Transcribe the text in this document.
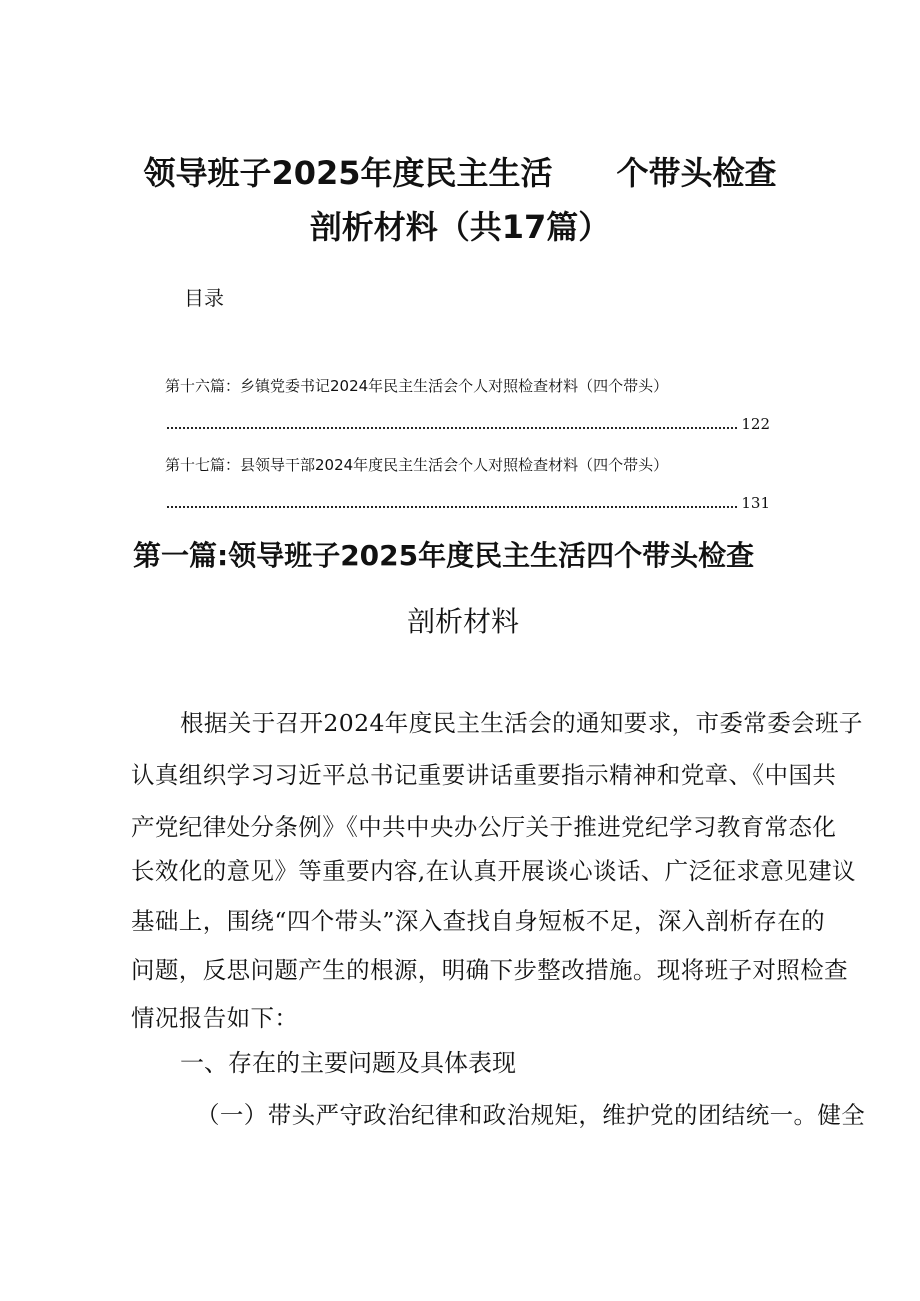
领导班子2025年度民主生活 个带头检查
剖析材料（共17篇）
目录
第十六篇：乡镇党委书记2024年民主生活会个人对照检查材料（四个带头）
122
第十七篇：县领导干部2024年度民主生活会个人对照检查材料（四个带头）
131
第一篇:领导班子2025年度民主生活四个带头检查
剖析材料
根据关于召开2024年度民主生活会的通知要求，市委常委会班子
认真组织学习习近平总书记重要讲话重要指示精神和党章、《中国共
产党纪律处分条例》《中共中央办公厅关于推进党纪学习教育常态化
长效化的意见》等重要内容,在认真开展谈心谈话、广泛征求意见建议
基础上，围绕“四个带头”深入查找自身短板不足，深入剖析存在的
问题，反思问题产生的根源，明确下步整改措施。现将班子对照检查
情况报告如下：
一、存在的主要问题及具体表现
（一）带头严守政治纪律和政治规矩，维护党的团结统一。健全
